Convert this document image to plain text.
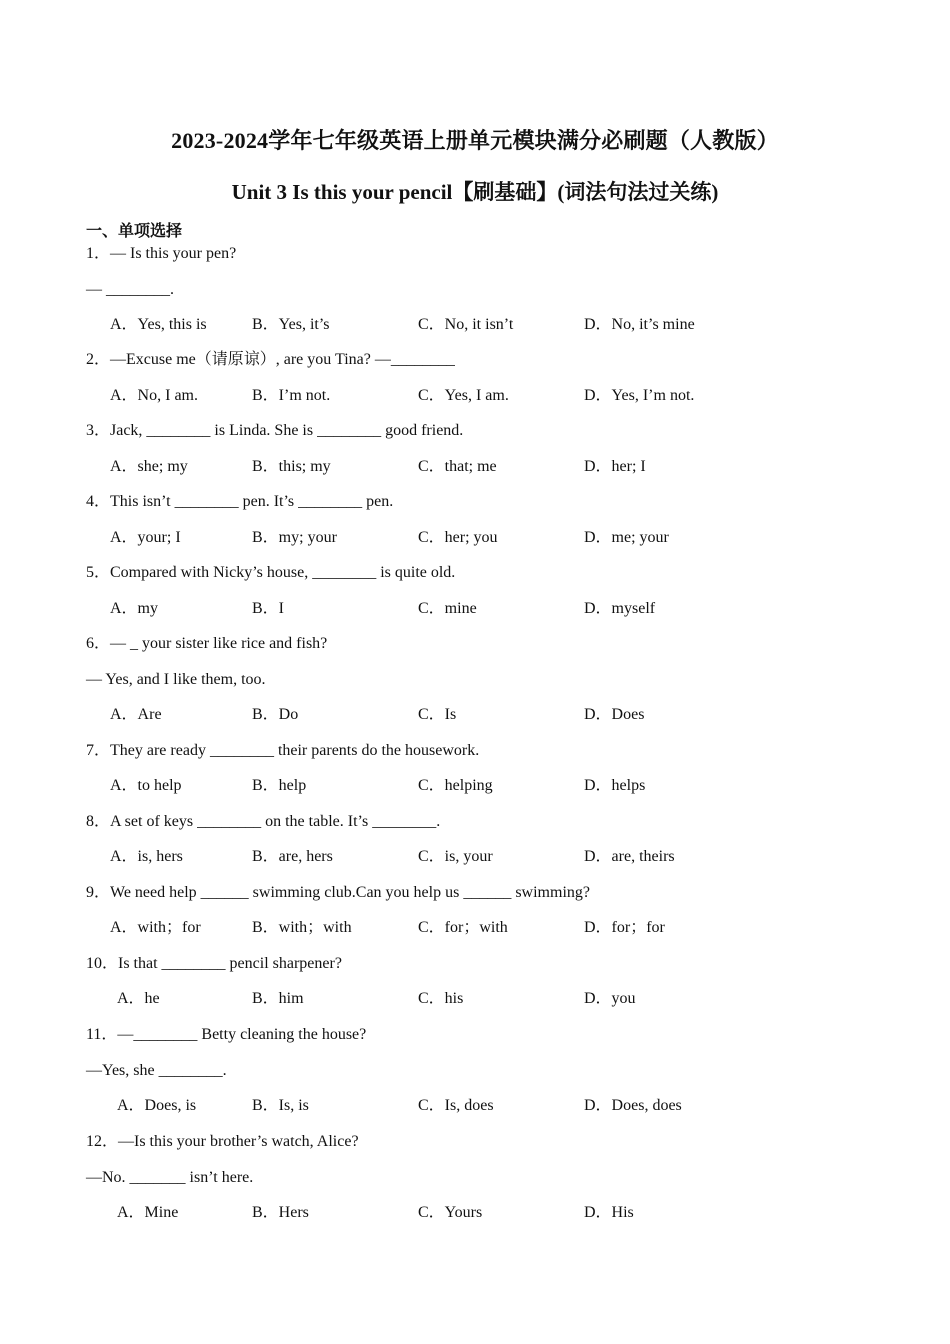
2023-2024学年七年级英语上册单元模块满分必刷题（人教版）
Unit 3 Is this your pencil【刷基础】(词法句法过关练)
一、单项选择
1．— Is this your pen?
— ________.
A．Yes, this is	B．Yes, it’s	C．No, it isn’t	D．No, it’s mine
2．—Excuse me（请原谅）, are you Tina? —________
A．No, I am.	B．I’m not.	C．Yes, I am.	D．Yes, I’m not.
3．Jack, ________ is Linda. She is ________ good friend.
A．she; my	B．this; my	C．that; me	D．her; I
4．This isn’t ________ pen. It’s ________ pen.
A．your; I	B．my; your	C．her; you	D．me; your
5．Compared with Nicky’s house, ________ is quite old.
A．my	B．I	C．mine	D．myself
6．— _ your sister like rice and fish?
— Yes, and I like them, too.
A．Are	B．Do	C．Is	D．Does
7．They are ready ________ their parents do the housework.
A．to help	B．help	C．helping	D．helps
8．A set of keys ________ on the table. It’s ________.
A．is, hers	B．are, hers	C．is, your	D．are, theirs
9．We need help ______ swimming club.Can you help us ______ swimming?
A．with；for	B．with；with	C．for；with	D．for；for
10．Is that ________ pencil sharpener?
A．he	B．him	C．his	D．you
11．—________ Betty cleaning the house?
—Yes, she ________.
A．Does, is	B．Is, is	C．Is, does	D．Does, does
12．—Is this your brother’s watch, Alice?
—No. _______ isn’t here.
A．Mine	B．Hers	C．Yours	D．His
